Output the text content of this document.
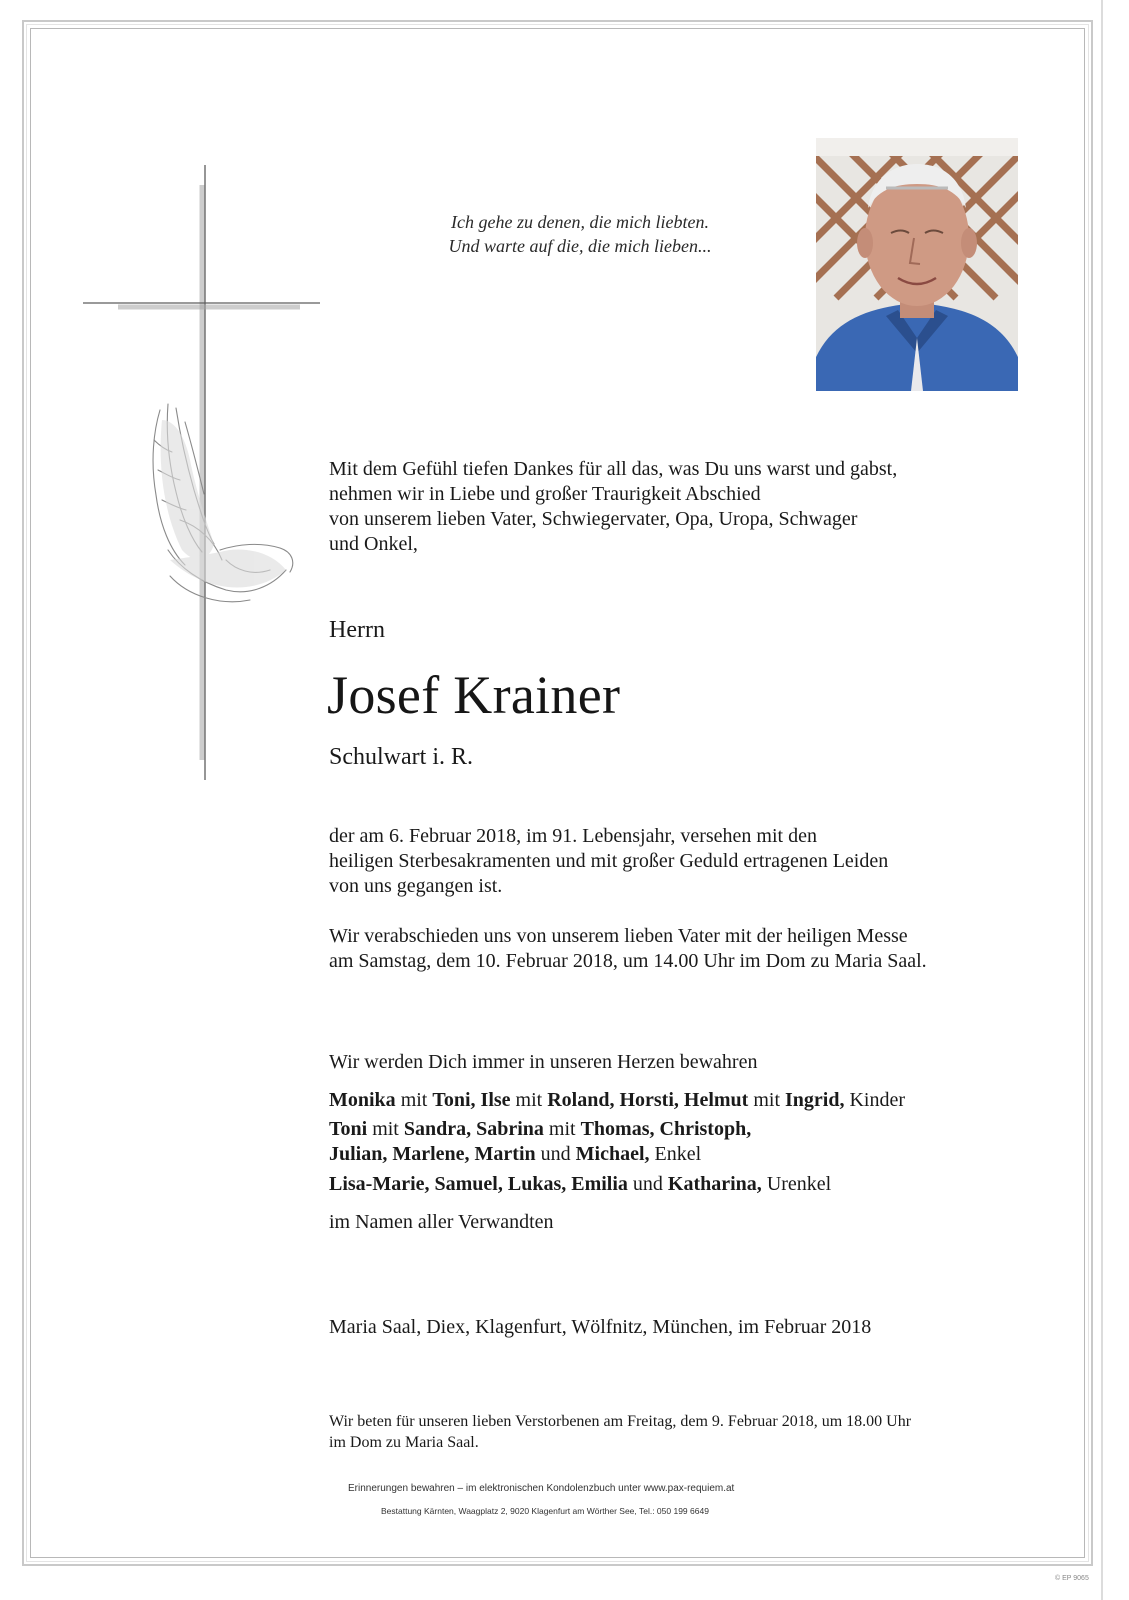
Ich gehe zu denen, die mich liebten.
Und warte auf die, die mich lieben...
Mit dem Gefühl tiefen Dankes für all das, was Du uns warst und gabst,
nehmen wir in Liebe und großer Traurigkeit Abschied
von unserem lieben Vater, Schwiegervater, Opa, Uropa, Schwager
und Onkel,
Herrn
Josef Krainer
Schulwart i. R.
der am 6. Februar 2018, im 91. Lebensjahr, versehen mit den
heiligen Sterbesakramenten und mit großer Geduld ertragenen Leiden
von uns gegangen ist.
Wir verabschieden uns von unserem lieben Vater mit der heiligen Messe
am Samstag, dem 10. Februar 2018, um 14.00 Uhr im Dom zu Maria Saal.
Wir werden Dich immer in unseren Herzen bewahren
Monika mit Toni, Ilse mit Roland, Horsti, Helmut mit Ingrid, Kinder
Toni mit Sandra, Sabrina mit Thomas, Christoph,
Julian, Marlene, Martin und Michael, Enkel
Lisa-Marie, Samuel, Lukas, Emilia und Katharina, Urenkel
im Namen aller Verwandten
Maria Saal, Diex, Klagenfurt, Wölfnitz, München, im Februar 2018
Wir beten für unseren lieben Verstorbenen am Freitag, dem 9. Februar 2018, um 18.00 Uhr
im Dom zu Maria Saal.
Erinnerungen bewahren – im elektronischen Kondolenzbuch unter www.pax-requiem.at
Bestattung Kärnten, Waagplatz 2, 9020 Klagenfurt am Wörther See, Tel.: 050 199 6649
© EP 9065
